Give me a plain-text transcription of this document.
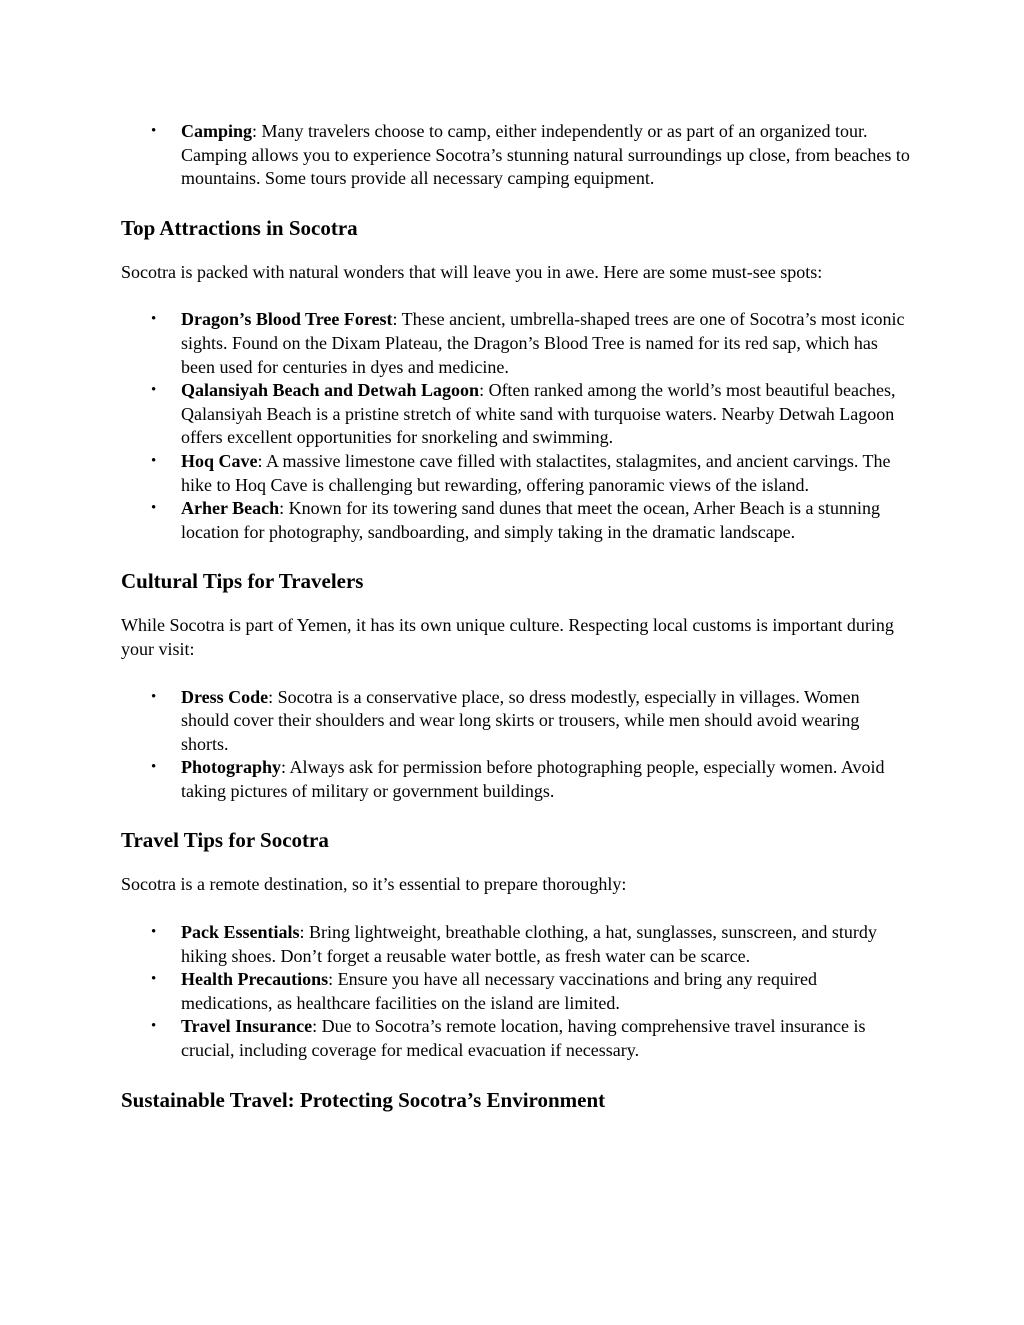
• Camping: Many travelers choose to camp, either independently or as part of an organized tour. Camping allows you to experience Socotra’s stunning natural surroundings up close, from beaches to mountains. Some tours provide all necessary camping equipment.
Top Attractions in Socotra

Socotra is packed with natural wonders that will leave you in awe. Here are some must-see spots:

• Dragon’s Blood Tree Forest: These ancient, umbrella-shaped trees are one of Socotra’s most iconic sights. Found on the Dixam Plateau, the Dragon’s Blood Tree is named for its red sap, which has been used for centuries in dyes and medicine.
• Qalansiyah Beach and Detwah Lagoon: Often ranked among the world’s most beautiful beaches, Qalansiyah Beach is a pristine stretch of white sand with turquoise waters. Nearby Detwah Lagoon offers excellent opportunities for snorkeling and swimming.
• Hoq Cave: A massive limestone cave filled with stalactites, stalagmites, and ancient carvings. The hike to Hoq Cave is challenging but rewarding, offering panoramic views of the island.
• Arher Beach: Known for its towering sand dunes that meet the ocean, Arher Beach is a stunning location for photography, sandboarding, and simply taking in the dramatic landscape.
Cultural Tips for Travelers

While Socotra is part of Yemen, it has its own unique culture. Respecting local customs is important during your visit:

• Dress Code: Socotra is a conservative place, so dress modestly, especially in villages. Women should cover their shoulders and wear long skirts or trousers, while men should avoid wearing shorts.
• Photography: Always ask for permission before photographing people, especially women. Avoid taking pictures of military or government buildings.
Travel Tips for Socotra

Socotra is a remote destination, so it’s essential to prepare thoroughly:

• Pack Essentials: Bring lightweight, breathable clothing, a hat, sunglasses, sunscreen, and sturdy hiking shoes. Don’t forget a reusable water bottle, as fresh water can be scarce.
• Health Precautions: Ensure you have all necessary vaccinations and bring any required medications, as healthcare facilities on the island are limited.
• Travel Insurance: Due to Socotra’s remote location, having comprehensive travel insurance is crucial, including coverage for medical evacuation if necessary.
Sustainable Travel: Protecting Socotra’s Environment
